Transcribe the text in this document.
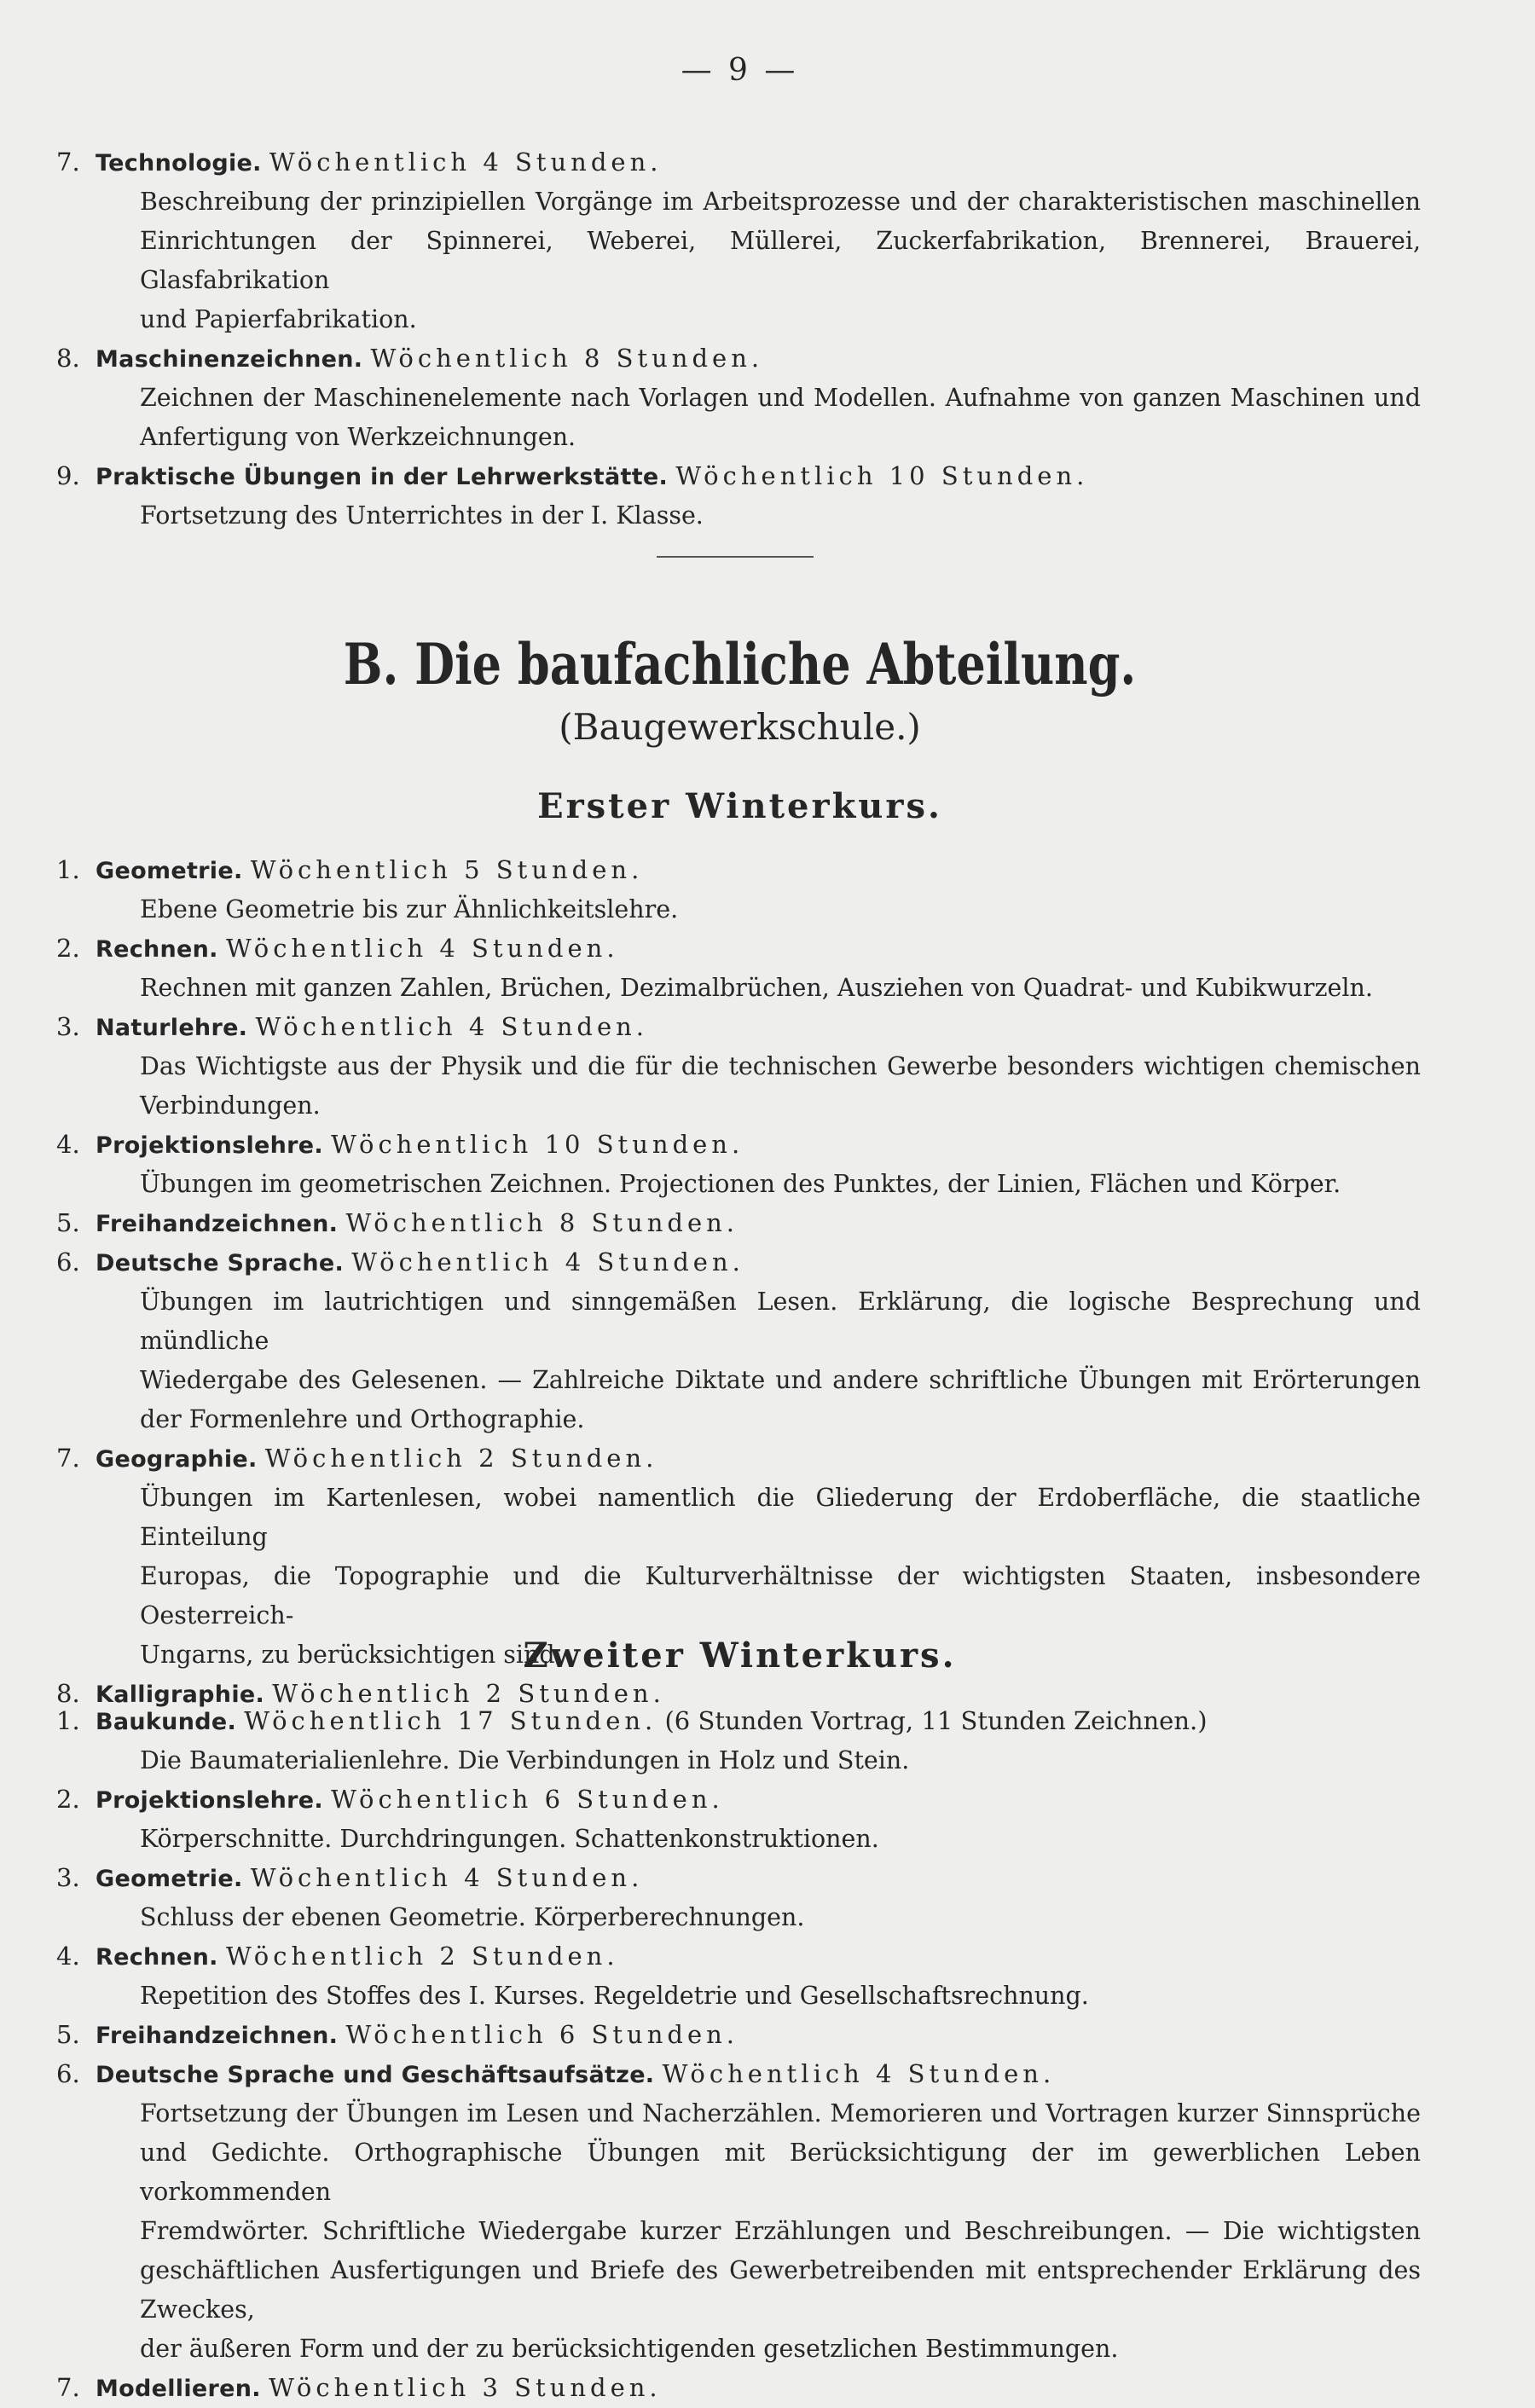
— 9 —
7. Technologie. Wöchentlich 4 Stunden.
Beschreibung der prinzipiellen Vorgänge im Arbeitsprozesse und der charakteristischen maschinellen
Einrichtungen der Spinnerei, Weberei, Müllerei, Zuckerfabrikation, Brennerei, Brauerei, Glasfabrikation
und Papierfabrikation.
8. Maschinenzeichnen. Wöchentlich 8 Stunden.
Zeichnen der Maschinenelemente nach Vorlagen und Modellen. Aufnahme von ganzen Maschinen und
Anfertigung von Werkzeichnungen.
9. Praktische Übungen in der Lehrwerkstätte. Wöchentlich 10 Stunden.
Fortsetzung des Unterrichtes in der I. Klasse.
B. Die baufachliche Abteilung.
(Baugewerkschule.)
Erster Winterkurs.
1. Geometrie. Wöchentlich 5 Stunden.
Ebene Geometrie bis zur Ähnlichkeitslehre.
2. Rechnen. Wöchentlich 4 Stunden.
Rechnen mit ganzen Zahlen, Brüchen, Dezimalbrüchen, Ausziehen von Quadrat- und Kubikwurzeln.
3. Naturlehre. Wöchentlich 4 Stunden.
Das Wichtigste aus der Physik und die für die technischen Gewerbe besonders wichtigen chemischen
Verbindungen.
4. Projektionslehre. Wöchentlich 10 Stunden.
Übungen im geometrischen Zeichnen. Projectionen des Punktes, der Linien, Flächen und Körper.
5. Freihandzeichnen. Wöchentlich 8 Stunden.
6. Deutsche Sprache. Wöchentlich 4 Stunden.
Übungen im lautrichtigen und sinngemäßen Lesen. Erklärung, die logische Besprechung und mündliche
Wiedergabe des Gelesenen. — Zahlreiche Diktate und andere schriftliche Übungen mit Erörterungen
der Formenlehre und Orthographie.
7. Geographie. Wöchentlich 2 Stunden.
Übungen im Kartenlesen, wobei namentlich die Gliederung der Erdoberfläche, die staatliche Einteilung
Europas, die Topographie und die Kulturverhältnisse der wichtigsten Staaten, insbesondere Oesterreich-
Ungarns, zu berücksichtigen sind.
8. Kalligraphie. Wöchentlich 2 Stunden.
Zweiter Winterkurs.
1. Baukunde. Wöchentlich 17 Stunden. (6 Stunden Vortrag, 11 Stunden Zeichnen.)
Die Baumaterialienlehre. Die Verbindungen in Holz und Stein.
2. Projektionslehre. Wöchentlich 6 Stunden.
Körperschnitte. Durchdringungen. Schattenkonstruktionen.
3. Geometrie. Wöchentlich 4 Stunden.
Schluss der ebenen Geometrie. Körperberechnungen.
4. Rechnen. Wöchentlich 2 Stunden.
Repetition des Stoffes des I. Kurses. Regeldetrie und Gesellschaftsrechnung.
5. Freihandzeichnen. Wöchentlich 6 Stunden.
6. Deutsche Sprache und Geschäftsaufsätze. Wöchentlich 4 Stunden.
Fortsetzung der Übungen im Lesen und Nacherzählen. Memorieren und Vortragen kurzer Sinnsprüche
und Gedichte. Orthographische Übungen mit Berücksichtigung der im gewerblichen Leben vorkommenden
Fremdwörter. Schriftliche Wiedergabe kurzer Erzählungen und Beschreibungen. — Die wichtigsten
geschäftlichen Ausfertigungen und Briefe des Gewerbetreibenden mit entsprechender Erklärung des Zweckes,
der äußeren Form und der zu berücksichtigenden gesetzlichen Bestimmungen.
7. Modellieren. Wöchentlich 3 Stunden.
